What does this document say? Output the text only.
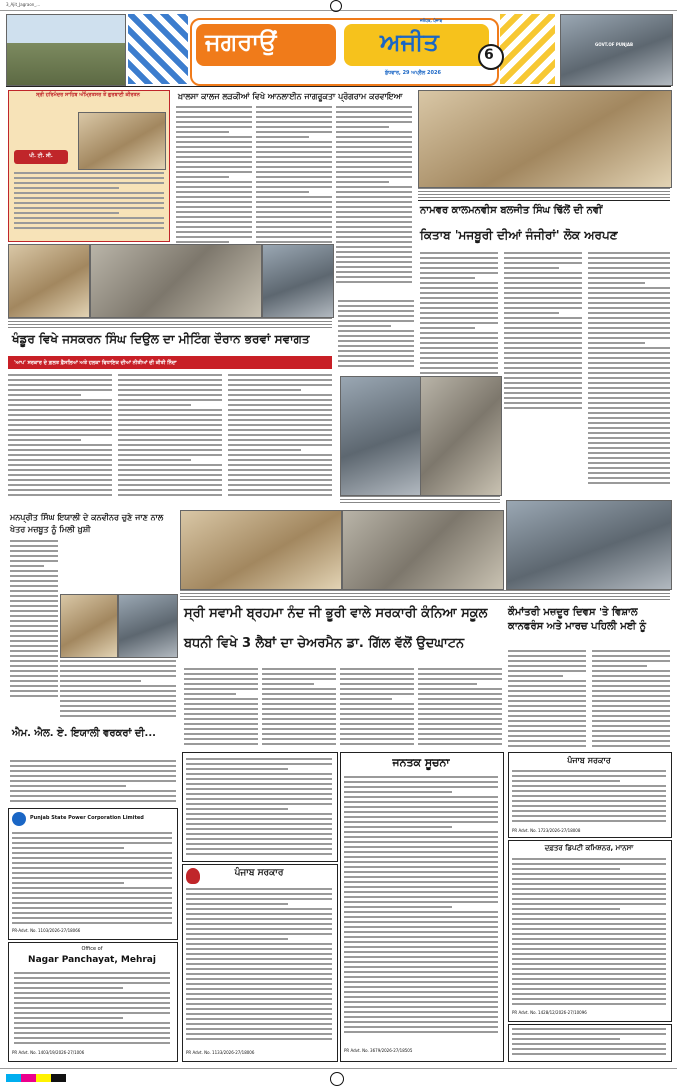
3_Ajit_Jagraon_...
ਜਗਰਾਉਂ	ਅਜੀਤ
ਜਲੰਧਰ, ਪੰਜਾਬ
ਬੁੱਧਵਾਰ, 29 ਅਪ੍ਰੈਲ 2026
6
GOVT.OF PUNJAB
ਸ੍ਰੀ ਹਰਿਮੰਦਰ ਸਾਹਿਬ ਅੰਮ੍ਰਿਤਸਰ ਤੋਂ ਗੁਰਬਾਣੀ ਕੀਰਤਨ
ਪੀ. ਟੀ. ਸੀ.
ਖ਼ਾਲਸਾ ਕਾਲਜ ਲੜਕੀਆਂ ਵਿਖੇ ਆਨਲਾਈਨ ਜਾਗਰੂਕਤਾ ਪ੍ਰੋਗਰਾਮ ਕਰਵਾਇਆ
ਨਾਮਵਰ ਕਾਲਮਨਵੀਸ ਬਲਜੀਤ ਸਿੰਘ ਢਿੱਲੋਂ ਦੀ ਨਵੀਂ
ਕਿਤਾਬ 'ਮਜਬੂਰੀ ਦੀਆਂ ਜੰਜੀਰਾਂ' ਲੋਕ ਅਰਪਣ
ਖੰਡੂਰ ਵਿਖੇ ਜਸਕਰਨ ਸਿੰਘ ਦਿਉਲ ਦਾ ਮੀਟਿੰਗ ਦੌਰਾਨ ਭਰਵਾਂ ਸਵਾਗਤ
'ਆਪ' ਸਰਕਾਰ ਦੇ ਗ਼ਲਤ ਫ਼ੈਸਲਿਆਂ ਅਤੇ ਹਲਕਾ ਵਿਧਾਇਕ ਦੀਆਂ ਨੀਤੀਆਂ ਦੀ ਕੀਤੀ ਨਿੰਦਾ
ਮਨਪ੍ਰੀਤ ਸਿੰਘ ਇਯਾਲੀ ਦੇ ਕਨਵੀਨਰ ਚੁਣੇ ਜਾਣ ਨਾਲ ਖੇਤਰ ਮਜ਼ਬੂਤ ਨੂੰ ਮਿਲੀ ਖ਼ੁਸ਼ੀ
ਐਮ. ਐਲ. ਏ. ਇਯਾਲੀ ਵਰਕਰਾਂ ਦੀ...
ਕੌਮਾਂਤਰੀ ਮਜ਼ਦੂਰ ਦਿਵਸ 'ਤੇ ਵਿਸ਼ਾਲ ਕਾਨਫਰੰਸ ਅਤੇ ਮਾਰਚ ਪਹਿਲੀ ਮਈ ਨੂੰ
ਸ੍ਰੀ ਸਵਾਮੀ ਬ੍ਰਹਮਾ ਨੰਦ ਜੀ ਭੂਰੀ ਵਾਲੇ ਸਰਕਾਰੀ ਕੰਨਿਆ ਸਕੂਲ
ਬਧਨੀ ਵਿਖੇ 3 ਲੈਬਾਂ ਦਾ ਚੇਅਰਮੈਨ ਡਾ. ਗਿੱਲ ਵੱਲੋਂ ਉਦਘਾਟਨ
Punjab State Power Corporation Limited
PR-Advt. No. 1103/2026-27/18066
Office of
Nagar Panchayat, Mehraj
PR Advt. No. 1403/19/2026-27/1006
ਪੰਜਾਬ ਸਰਕਾਰ
PR Advt. No. 1133/2026-27/18006
ਜਨਤਕ ਸੂਚਨਾ
PR Advt. No. 3679/2026-27/18505
ਪੰਜਾਬ ਸਰਕਾਰ
PR Advt. No. 1723/2026-27/18008
ਦਫ਼ਤਰ ਡਿਪਟੀ ਕਮਿਸ਼ਨਰ, ਮਾਨਸਾ
PR Advt. No. 1428/12/2026-27/10096
